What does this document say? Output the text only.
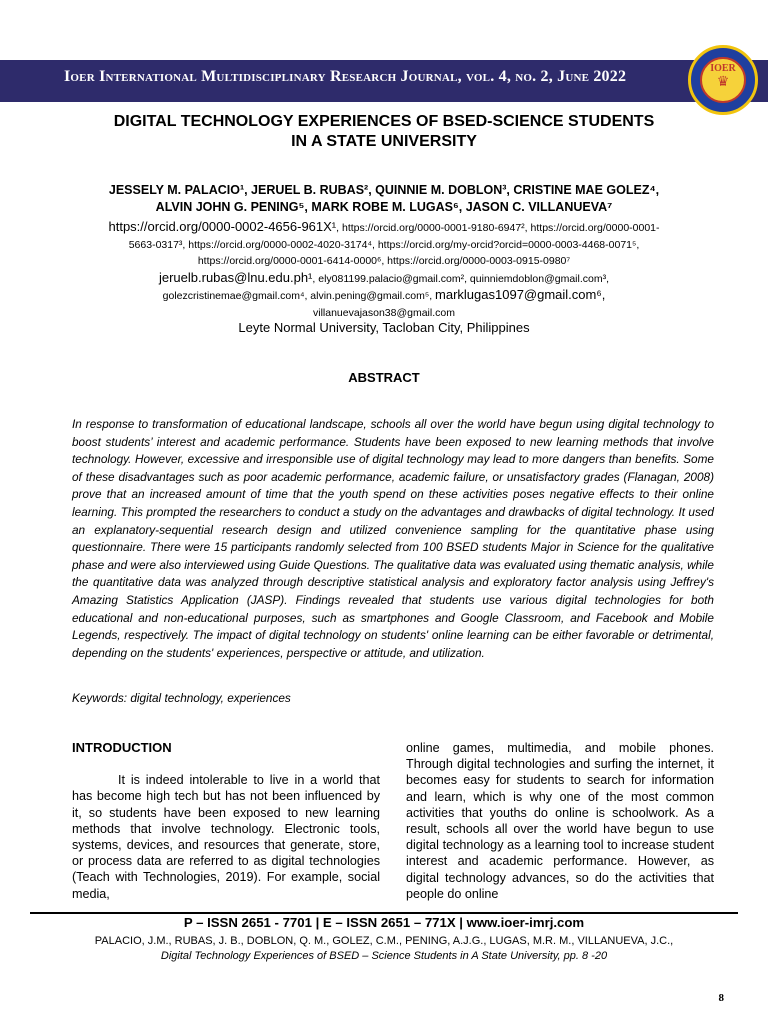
Ioer International Multidisciplinary Research Journal, vol. 4, no. 2, June 2022	IOER
♛
DIGITAL TECHNOLOGY EXPERIENCES OF BSED-SCIENCE STUDENTS
IN A STATE UNIVERSITY
JESSELY M. PALACIO¹, JERUEL B. RUBAS², QUINNIE M. DOBLON³, CRISTINE MAE GOLEZ⁴,
ALVIN JOHN G. PENING⁵, MARK ROBE M. LUGAS⁶, JASON C. VILLANUEVA⁷
https://orcid.org/0000-0002-4656-961X¹, https://orcid.org/0000-0001-9180-6947², https://orcid.org/0000-0001-
5663-0317³, https://orcid.org/0000-0002-4020-3174⁴, https://orcid.org/my-orcid?orcid=0000-0003-4468-0071⁵,
https://orcid.org/0000-0001-6414-0000⁶, https://orcid.org/0000-0003-0915-0980⁷
jeruelb.rubas@lnu.edu.ph¹, ely081199.palacio@gmail.com², quinniemdoblon@gmail.com³,
golezcristinemae@gmail.com⁴, alvin.pening@gmail.com⁵, marklugas1097@gmail.com⁶,
villanuevajason38@gmail.com
Leyte Normal University, Tacloban City, Philippines
ABSTRACT
In response to transformation of educational landscape, schools all over the world have begun using digital technology to boost students’ interest and academic performance. Students have been exposed to new learning methods that involve technology. However, excessive and irresponsible use of digital technology may lead to more dangers than benefits. Some of these disadvantages such as poor academic performance, academic failure, or unsatisfactory grades (Flanagan, 2008) prove that an increased amount of time that the youth spend on these activities poses negative effects to their online learning. This prompted the researchers to conduct a study on the advantages and drawbacks of digital technology. It used an explanatory-sequential research design and utilized convenience sampling for the quantitative phase using questionnaire. There were 15 participants randomly selected from 100 BSED students Major in Science for the qualitative phase and were also interviewed using Guide Questions. The qualitative data was evaluated using thematic analysis, while the quantitative data was analyzed through descriptive statistical analysis and exploratory factor analysis using Jeffrey's Amazing Statistics Application (JASP). Findings revealed that students use various digital technologies for both educational and non-educational purposes, such as smartphones and Google Classroom, and Facebook and Mobile Legends, respectively. The impact of digital technology on students' online learning can be either favorable or detrimental, depending on the students' experiences, perspective or attitude, and utilization.
Keywords: digital technology, experiences
INTRODUCTION
It is indeed intolerable to live in a world that has become high tech but has not been influenced by it, so students have been exposed to new learning methods that involve technology. Electronic tools, systems, devices, and resources that generate, store, or process data are referred to as digital technologies (Teach with Technologies, 2019). For example, social media,
online games, multimedia, and mobile phones. Through digital technologies and surfing the internet, it becomes easy for students to search for information and learn, which is why one of the most common activities that youths do online is schoolwork. As a result, schools all over the world have begun to use digital technology as a learning tool to increase student interest and academic performance. However, as digital technology advances, so do the activities that people do online
P – ISSN 2651 - 7701 | E – ISSN 2651 – 771X | www.ioer-imrj.com
PALACIO, J.M., RUBAS, J. B., DOBLON, Q. M., GOLEZ, C.M., PENING, A.J.G., LUGAS, M.R. M., VILLANUEVA, J.C.,
Digital Technology Experiences of BSED – Science Students in A State University, pp. 8 -20
8
